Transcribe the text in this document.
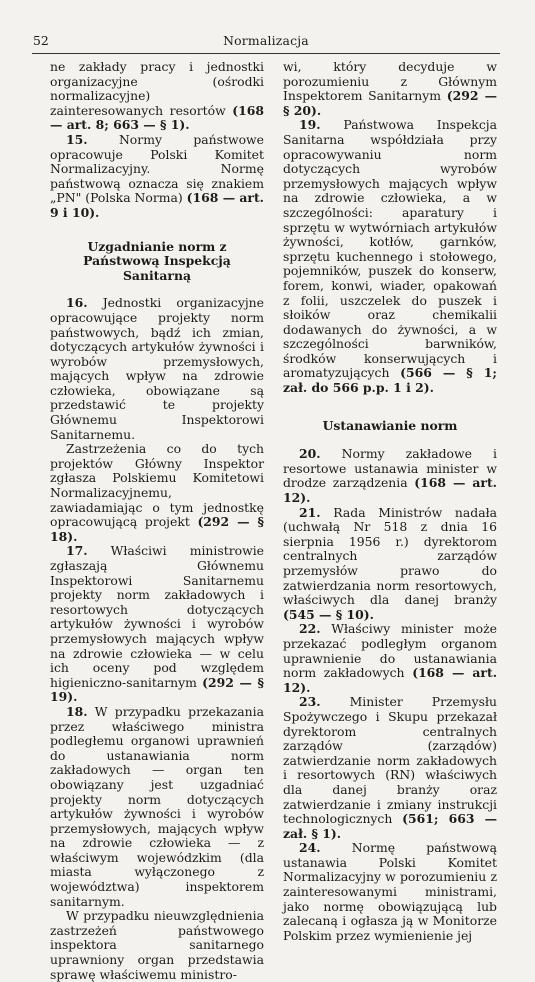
52	Normalizacja

ne zakłady pracy i jednostki organizacyjne (ośrodki normalizacyjne) zainteresowanych resortów (168 — art. 8; 663 — § 1).

15. Normy państwowe opracowuje Polski Komitet Normalizacyjny. Normę państwową oznacza się znakiem „PN" (Polska Norma) (168 — art. 9 i 10).

Uzgadnianie norm z Państwową Inspekcją Sanitarną

16. Jednostki organizacyjne opracowujące projekty norm państwowych, bądź ich zmian, dotyczących artykułów żywności i wyrobów przemysłowych, mających wpływ na zdrowie człowieka, obowiązane są przedstawić te projekty Głównemu Inspektorowi Sanitarnemu.

Zastrzeżenia co do tych projektów Główny Inspektor zgłasza Polskiemu Komitetowi Normalizacyjnemu, zawiadamiając o tym jednostkę opracowującą projekt (292 — § 18).

17. Właściwi ministrowie zgłaszają Głównemu Inspektorowi Sanitarnemu projekty norm zakładowych i resortowych dotyczących artykułów żywności i wyrobów przemysłowych mających wpływ na zdrowie człowieka — w celu ich oceny pod względem higieniczno-sanitarnym (292 — § 19).

18. W przypadku przekazania przez właściwego ministra podległemu organowi uprawnień do ustanawiania norm zakładowych — organ ten obowiązany jest uzgadniać projekty norm dotyczących artykułów żywności i wyrobów przemysłowych, mających wpływ na zdrowie człowieka — z właściwym wojewódzkim (dla miasta wyłączonego z województwa) inspektorem sanitarnym.

W przypadku nieuwzględnienia zastrzeżeń państwowego inspektora sanitarnego uprawniony organ przedstawia sprawę właściwemu ministro-

wi, który decyduje w porozumieniu z Głównym Inspektorem Sanitarnym (292 — § 20).

19. Państwowa Inspekcja Sanitarna współdziała przy opracowywaniu norm dotyczących wyrobów przemysłowych mających wpływ na zdrowie człowieka, a w szczególności: aparatury i sprzętu w wytwórniach artykułów żywności, kotłów, garnków, sprzętu kuchennego i stołowego, pojemników, puszek do konserw, forem, konwi, wiader, opakowań z folii, uszczelek do puszek i słoików oraz chemikalii dodawanych do żywności, a w szczególności barwników, środków konserwujących i aromatyzujących (566 — § 1; zał. do 566 p.p. 1 i 2).

Ustanawianie norm

20. Normy zakładowe i resortowe ustanawia minister w drodze zarządzenia (168 — art. 12).

21. Rada Ministrów nadała (uchwałą Nr 518 z dnia 16 sierpnia 1956 r.) dyrektorom centralnych zarządów przemysłów prawo do zatwierdzania norm resortowych, właściwych dla danej branży (545 — § 10).

22. Właściwy minister może przekazać podległym organom uprawnienie do ustanawiania norm zakładowych (168 — art. 12).

23. Minister Przemysłu Spożywczego i Skupu przekazał dyrektorom centralnych zarządów (zarządów) zatwierdzanie norm zakładowych i resortowych (RN) właściwych dla danej branży oraz zatwierdzanie i zmiany instrukcji technologicznych (561; 663 — zał. § 1).

24. Normę państwową ustanawia Polski Komitet Normalizacyjny w porozumieniu z zainteresowanymi ministrami, jako normę obowiązującą lub zalecaną i ogłasza ją w Monitorze Polskim przez wymienienie jej
